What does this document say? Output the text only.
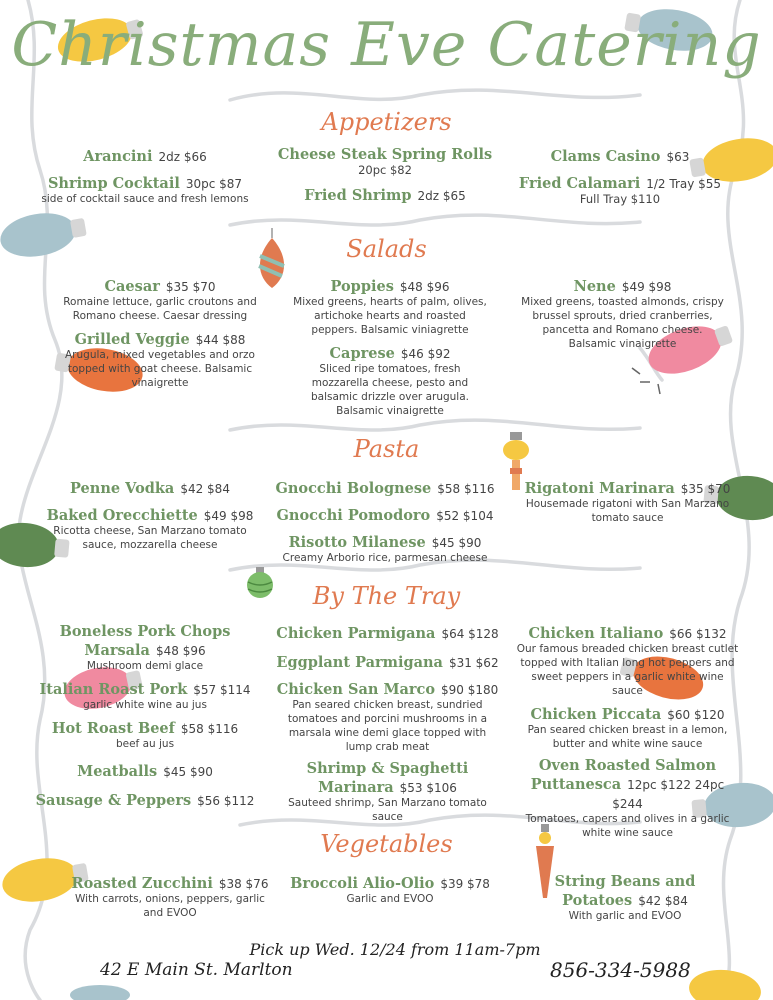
Christmas Eve Catering
Appetizers
Arancini 2dz $66
Shrimp Cocktail 30pc $87
side of cocktail sauce and fresh lemons
Cheese Steak Spring Rolls
20pc $82
Fried Shrimp 2dz $65
Clams Casino $63
Fried Calamari 1/2 Tray $55
Full Tray $110
Salads
Caesar $35 $70
Romaine lettuce, garlic croutons and Romano cheese. Caesar dressing
Grilled Veggie $44 $88
Arugula, mixed vegetables and orzo topped with goat cheese. Balsamic vinaigrette
Poppies $48 $96
Mixed greens, hearts of palm, olives, artichoke hearts and roasted peppers. Balsamic viniagrette
Caprese $46 $92
Sliced ripe tomatoes, fresh mozzarella cheese, pesto and balsamic drizzle over arugula. Balsamic vinaigrette
Nene $49 $98
Mixed greens, toasted almonds, crispy brussel sprouts, dried cranberries, pancetta and Romano cheese. Balsamic vinaigrette
Pasta
Penne Vodka $42 $84
Baked Orecchiette $49 $98
Ricotta cheese, San Marzano tomato sauce, mozzarella cheese
Gnocchi Bolognese $58 $116
Gnocchi Pomodoro $52 $104
Risotto Milanese $45 $90
Creamy Arborio rice, parmesan cheese
Rigatoni Marinara $35 $70
Housemade rigatoni with San Marzano tomato sauce
By The Tray
Boneless Pork Chops
Marsala $48 $96
Mushroom demi glace
Italian Roast Pork $57 $114
garlic white wine au jus
Hot Roast Beef $58 $116
beef au jus
Meatballs $45 $90
Sausage & Peppers $56 $112
Chicken Parmigana $64 $128
Eggplant Parmigana $31 $62
Chicken San Marco $90 $180
Pan seared chicken breast, sundried tomatoes and porcini mushrooms in a marsala wine demi glace topped with lump crab meat
Shrimp & Spaghetti
Marinara $53 $106
Sauteed shrimp, San Marzano tomato sauce
Chicken Italiano $66 $132
Our famous breaded chicken breast cutlet topped with Italian long hot peppers and sweet peppers in a garlic white wine sauce
Chicken Piccata $60 $120
Pan seared chicken breast in a lemon, butter and white wine sauce
Oven Roasted Salmon
Puttanesca 12pc $122 24pc $244
Tomatoes, capers and olives in a garlic white wine sauce
Vegetables
Roasted Zucchini $38 $76
With carrots, onions, peppers, garlic and EVOO
Broccoli Alio-Olio $39 $78
Garlic and EVOO
String Beans and
Potatoes $42 $84
With garlic and EVOO
Pick up Wed. 12/24 from 11am-7pm
42 E Main St. Marlton	856-334-5988
